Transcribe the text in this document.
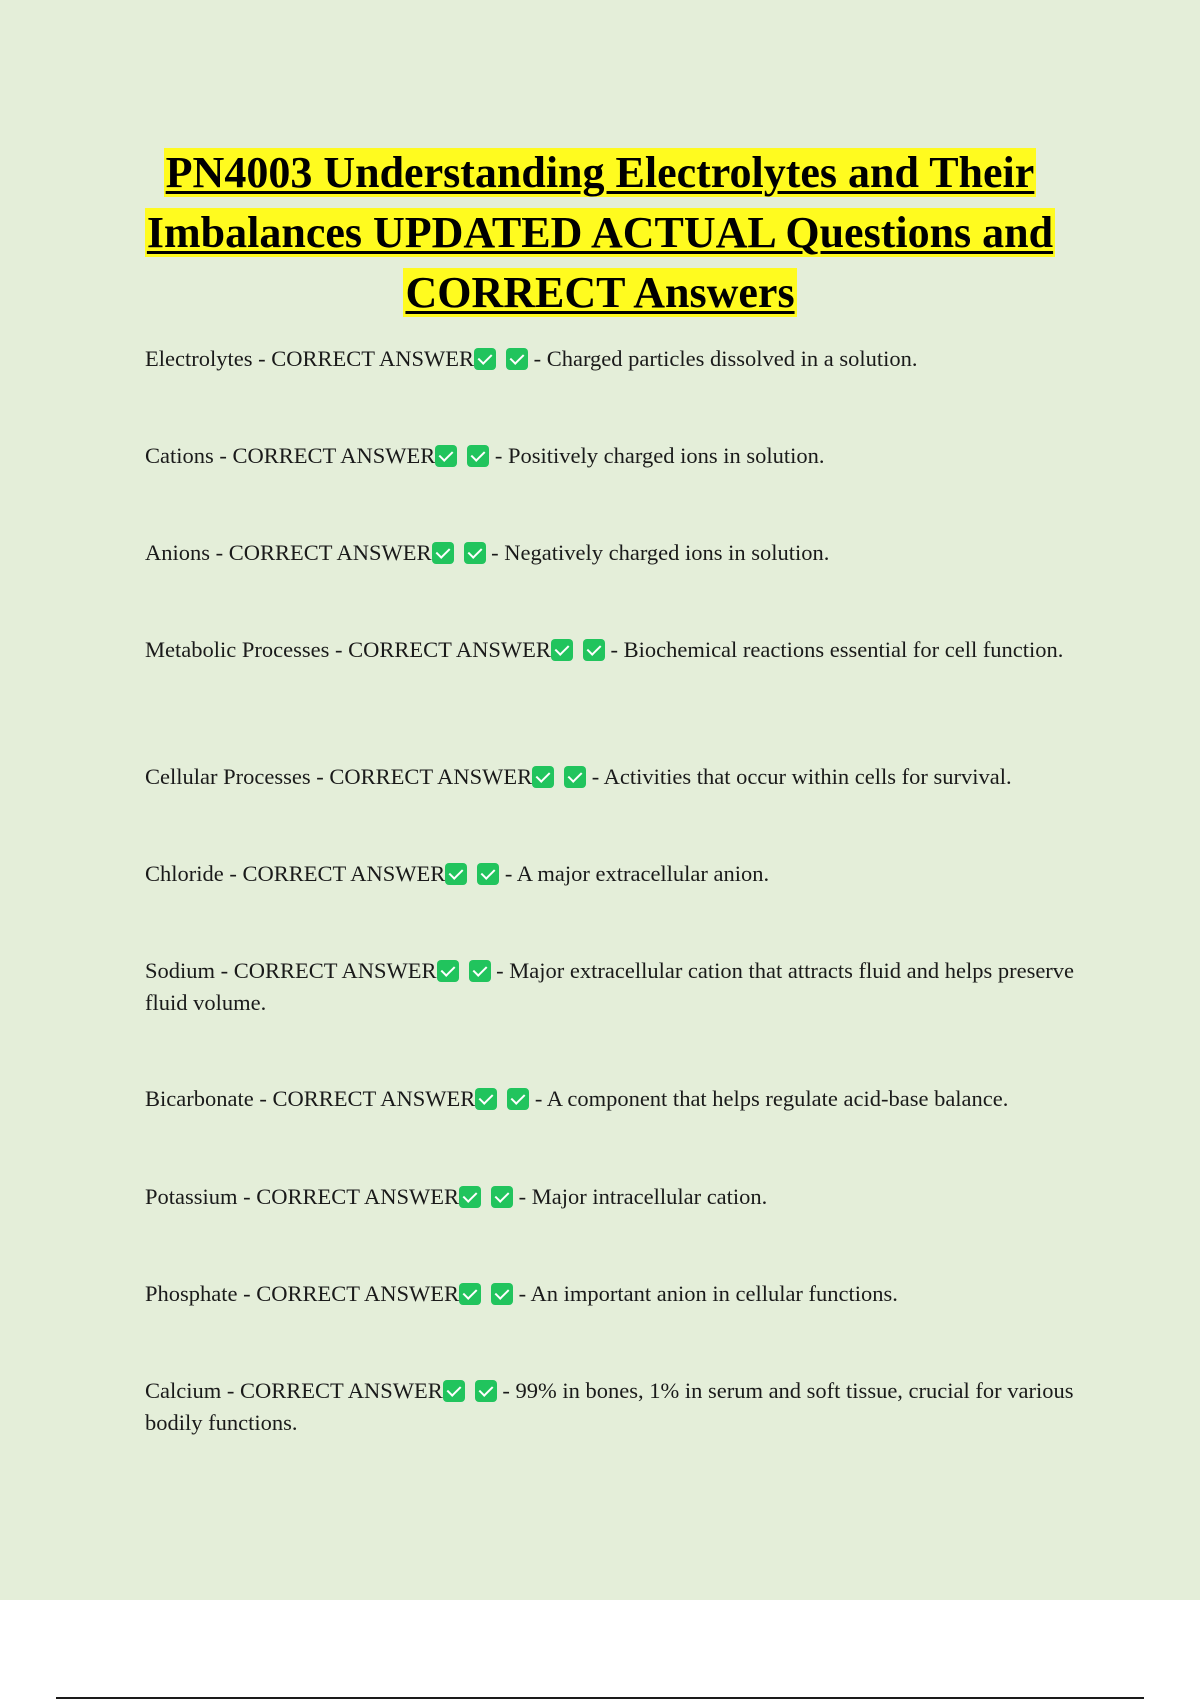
PN4003 Understanding Electrolytes and Their Imbalances UPDATED ACTUAL Questions and CORRECT Answers
Electrolytes - CORRECT ANSWER	- Charged particles dissolved in a solution.
Cations - CORRECT ANSWER	- Positively charged ions in solution.
Anions - CORRECT ANSWER	- Negatively charged ions in solution.
Metabolic Processes - CORRECT ANSWER	- Biochemical reactions essential for cell function.
Cellular Processes - CORRECT ANSWER	- Activities that occur within cells for survival.
Chloride - CORRECT ANSWER	- A major extracellular anion.
Sodium - CORRECT ANSWER	- Major extracellular cation that attracts fluid and helps preserve fluid volume.
Bicarbonate - CORRECT ANSWER	- A component that helps regulate acid-base balance.
Potassium - CORRECT ANSWER	- Major intracellular cation.
Phosphate - CORRECT ANSWER	- An important anion in cellular functions.
Calcium - CORRECT ANSWER	- 99% in bones, 1% in serum and soft tissue, crucial for various bodily functions.
